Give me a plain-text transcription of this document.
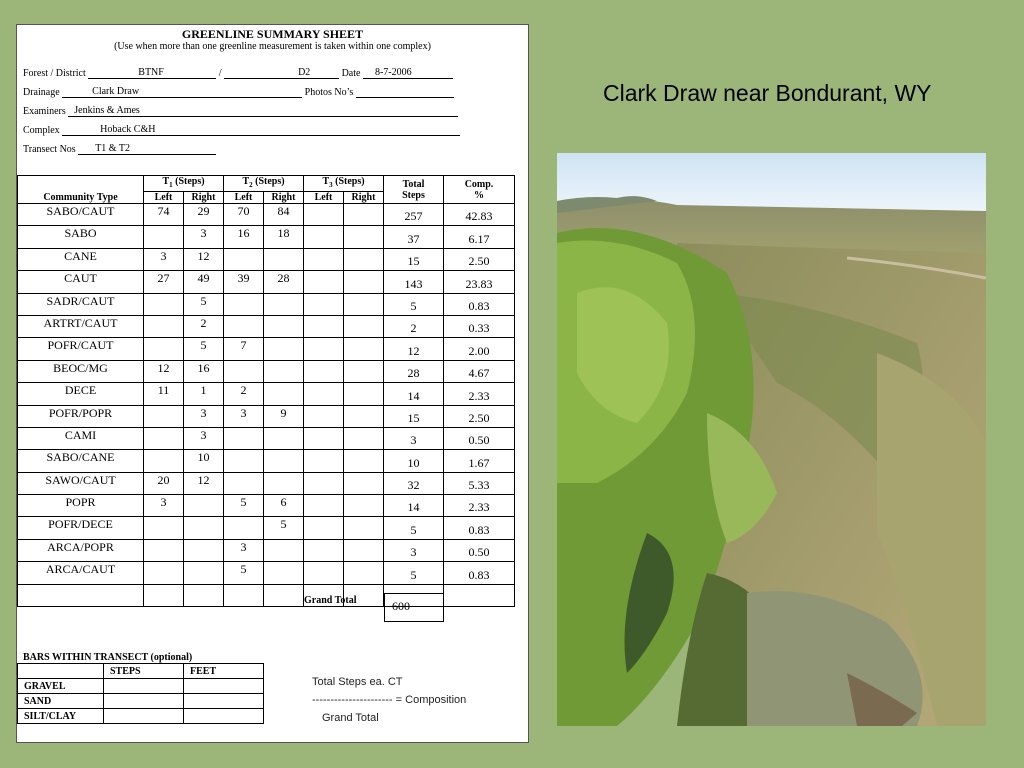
GREENLINE SUMMARY SHEET
(Use when more than one greenline measurement is taken within one complex)
Forest / District	BTNF	/	D2	Date 8-7-2006
Drainage	Clark Draw	Photos No’s
Examiners Jenkins & Ames
Complex	Hoback C&H
Transect Nos T1 & T2
Community Type	$T_1$ (Steps)		$T_2$ (Steps)		$T_3$ (Steps)		Total
Steps	Comp.
%
	Left	Right	Left	Right	Left	Right		
SABO/CAUT	74	29	70	84			257	42.83
SABO		3	16	18			37	6.17
CANE	3	12					15	2.50
CAUT	27	49	39	28			143	23.83
SADR/CAUT		5					5	0.83
ARTRT/CAUT		2					2	0.33
POFR/CAUT		5	7				12	2.00
BEOC/MG	12	16					28	4.67
DECE	11	1	2				14	2.33
POFR/POPR		3	3	9			15	2.50
CAMI		3					3	0.50
SABO/CANE		10					10	1.67
SAWO/CAUT	20	12					32	5.33
POPR	3		5	6			14	2.33
POFR/DECE				5			5	0.83
ARCA/POPR			3				3	0.50
ARCA/CAUT			5				5	0.83

Grand Total	600
BARS WITHIN TRANSECT (optional)
	STEPS	FEET
GRAVEL		
SAND		
SILT/CLAY		
Total Steps ea. CT
---------------------- = Composition
Grand Total
Clark Draw near Bondurant, WY
